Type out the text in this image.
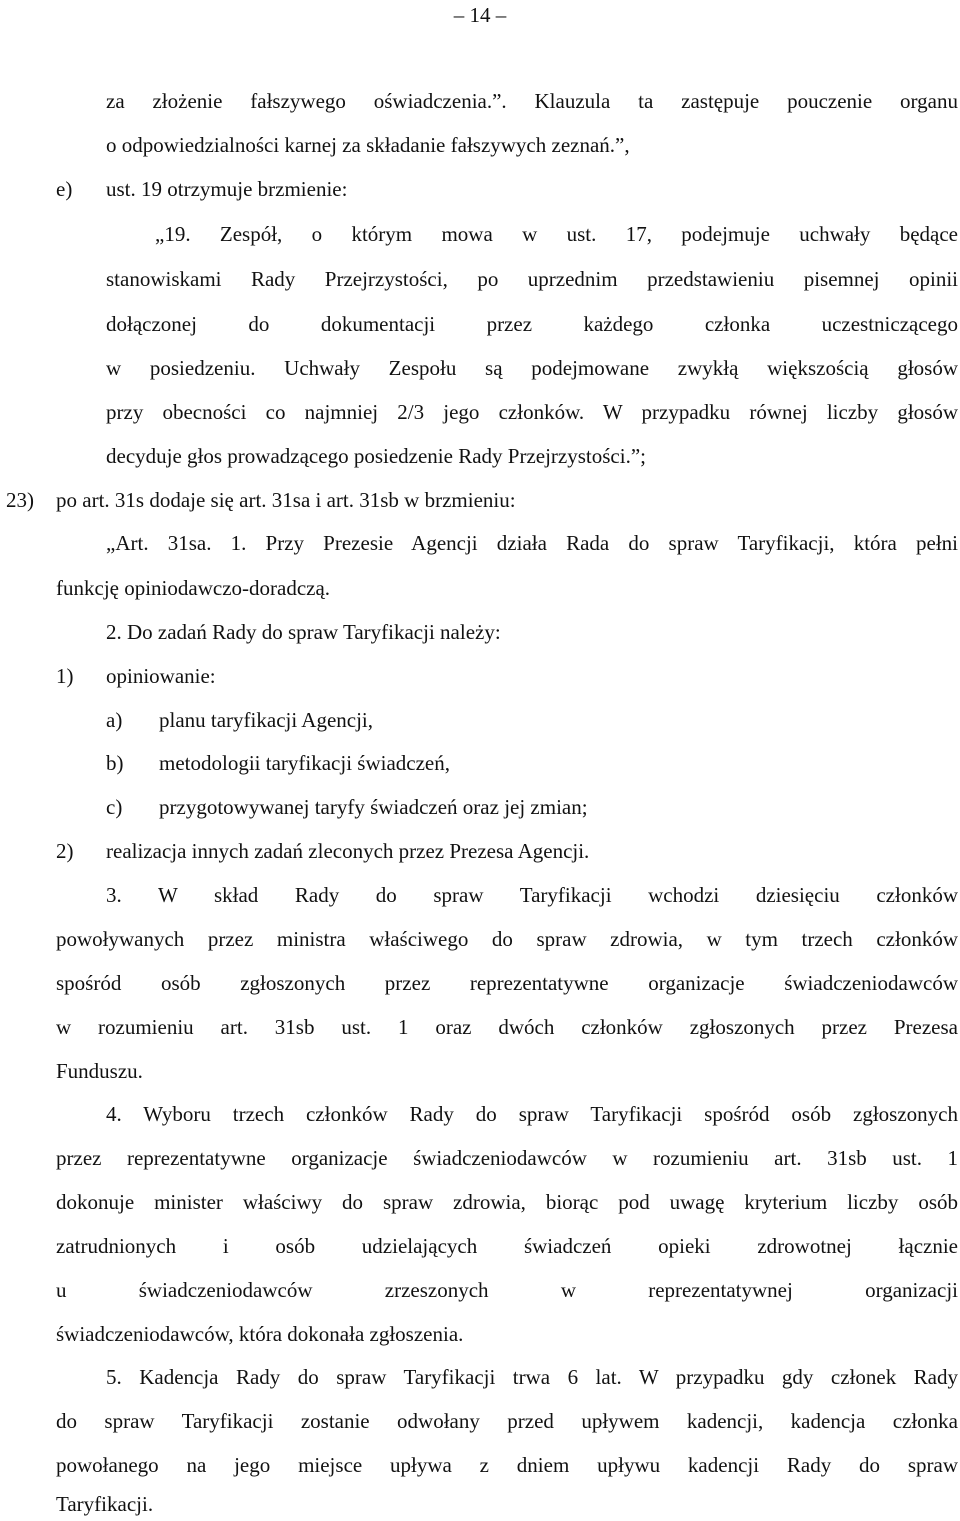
– 14 –
za złożenie fałszywego oświadczenia.”. Klauzula ta zastępuje pouczenie organu
o odpowiedzialności karnej za składanie fałszywych zeznań.”,
e) ust. 19 otrzymuje brzmienie:
„19. Zespół, o którym mowa w ust. 17, podejmuje uchwały będące
stanowiskami Rady Przejrzystości, po uprzednim przedstawieniu pisemnej opinii
dołączonej do dokumentacji przez każdego członka uczestniczącego
w posiedzeniu. Uchwały Zespołu są podejmowane zwykłą większością głosów
przy obecności co najmniej 2/3 jego członków. W przypadku równej liczby głosów
decyduje głos prowadzącego posiedzenie Rady Przejrzystości.”;
23) po art. 31s dodaje się art. 31sa i art. 31sb w brzmieniu:
„Art. 31sa. 1. Przy Prezesie Agencji działa Rada do spraw Taryfikacji, która pełni
funkcję opiniodawczo-doradczą.
2. Do zadań Rady do spraw Taryfikacji należy:
1) opiniowanie:
a) planu taryfikacji Agencji,
b) metodologii taryfikacji świadczeń,
c) przygotowywanej taryfy świadczeń oraz jej zmian;
2) realizacja innych zadań zleconych przez Prezesa Agencji.
3. W skład Rady do spraw Taryfikacji wchodzi dziesięciu członków
powoływanych przez ministra właściwego do spraw zdrowia, w tym trzech członków
spośród osób zgłoszonych przez reprezentatywne organizacje świadczeniodawców
w rozumieniu art. 31sb ust. 1 oraz dwóch członków zgłoszonych przez Prezesa
Funduszu.
4. Wyboru trzech członków Rady do spraw Taryfikacji spośród osób zgłoszonych
przez reprezentatywne organizacje świadczeniodawców w rozumieniu art. 31sb ust. 1
dokonuje minister właściwy do spraw zdrowia, biorąc pod uwagę kryterium liczby osób
zatrudnionych i osób udzielających świadczeń opieki zdrowotnej łącznie
u świadczeniodawców zrzeszonych w reprezentatywnej organizacji
świadczeniodawców, która dokonała zgłoszenia.
5. Kadencja Rady do spraw Taryfikacji trwa 6 lat. W przypadku gdy członek Rady
do spraw Taryfikacji zostanie odwołany przed upływem kadencji, kadencja członka
powołanego na jego miejsce upływa z dniem upływu kadencji Rady do spraw
Taryfikacji.
